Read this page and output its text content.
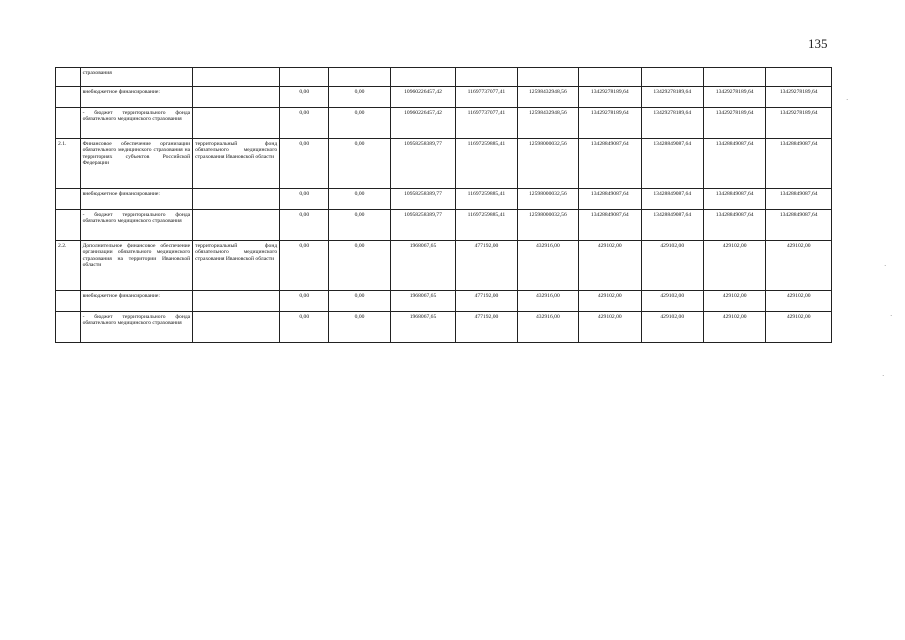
135
	страхования										
	внебюджетное финансирование:		0,00	0,00	10960226457,42	11697737077,41	12598432948,56	13429278189,64	13429278189,64	13429278189,64	13429278189,64
	- бюджет территориального фонда обязательного медицинского страхования		0,00	0,00	10960226457,42	11697737077,41	12598432948,56	13429278189,64	13429278189,64	13429278189,64	13429278189,64
2.1.	Финансовое обеспечение организации обязательного медицинского страхования на территориях субъектов Российской Федерации	территориальный фонд обязательного медицинского страхования Ивановской области	0,00	0,00	10958258389,77	11697259885,41	12598000032,56	13428849087,64	13428849087,64	13428849087,64	13428849087,64
	внебюджетное финансирование:		0,00	0,00	10958258389,77	11697259885,41	12598000032,56	13428849087,64	13428849087,64	13428849087,64	13428849087,64
	- бюджет территориального фонда обязательного медицинского страхования		0,00	0,00	10958258389,77	11697259885,41	12598000032,56	13428849087,64	13428849087,64	13428849087,64	13428849087,64
2.2.	Дополнительное финансовое обеспечение организации обязательного медицинского страхования на территории Ивановской области	территориальный фонд обязательного медицинского страхования Ивановской области	0,00	0,00	1968067,65	477192,00	432916,00	429102,00	429102,00	429102,00	429102,00
	внебюджетное финансирование:		0,00	0,00	1968067,65	477192,00	432916,00	429102,00	429102,00	429102,00	429102,00
	- бюджет территориального фонда обязательного медицинского страхования		0,00	0,00	1968067,65	477192,00	432916,00	429102,00	429102,00	429102,00	429102,00
·
·
·
·
